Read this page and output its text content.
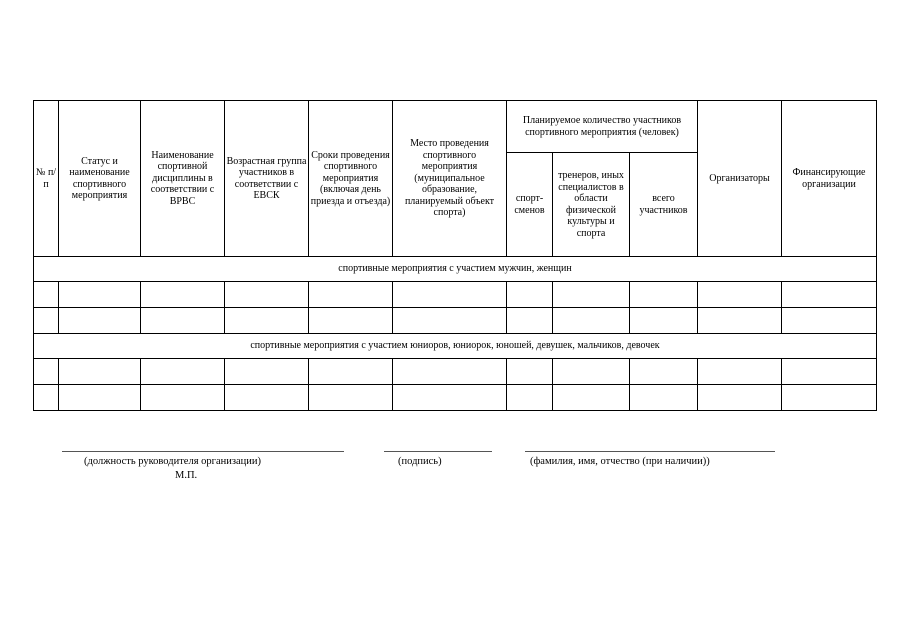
№ п/п	Статус и наименование спортивного мероприятия	Наименование спортивной дисциплины в соответствии с ВРВС	Возрастная группа участников в соответствии с ЕВСК	Сроки проведения спортивного мероприятия (включая день приезда и отъезда)	Место проведения спортивного мероприятия (муниципальное образование, планируемый объект спорта)	Планируемое количество участников спортивного мероприятия (человек)			Организаторы	Финансирующие организации
						спорт-сменов	тренеров, иных специалистов в области физической культуры и спорта	всего участников		
спортивные мероприятия с участием мужчин, женщин										

спортивные мероприятия с участием юниоров, юниорок, юношей, девушек, мальчиков, девочек										

(должность руководителя организации)
М.П.
(подпись)	(фамилия, имя, отчество (при наличии))
